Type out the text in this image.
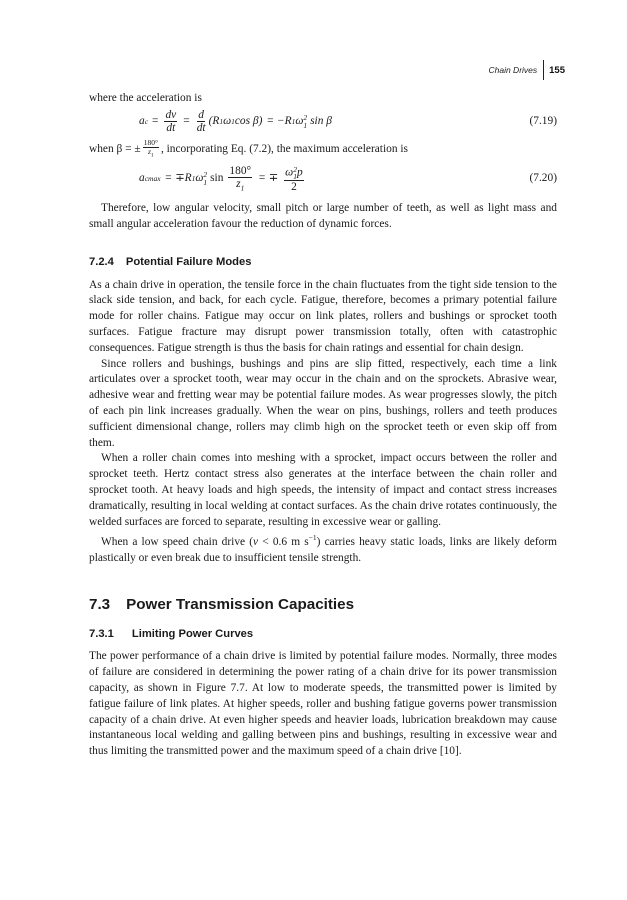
Chain Drives 155

where the acceleration is

a $c = \frac{dv}{dt} = \frac{d}{dt} (R$ 1 ω 1 cos β) = −R 1 ω 2
1 sin β	(7.19)

when β = ± $\frac{180^\circ}{z_1}$ , incorporating Eq. (7.2), the maximum acceleration is

a cmax = ∓R 1 ω 2
1 $\sin \frac{180^\circ}{z_1}$ = ∓ ω 2
1 p
2	(7.20)

Therefore, low angular velocity, small pitch or large number of teeth, as well as light mass and small angular acceleration favour the reduction of dynamic forces.

7.2.4 Potential Failure Modes

As a chain drive in operation, the tensile force in the chain fluctuates from the tight side tension to the slack side tension, and back, for each cycle. Fatigue, therefore, becomes a primary potential failure mode for roller chains. Fatigue may occur on link plates, rollers and bushings or sprocket tooth surfaces. Fatigue fracture may disrupt power transmission totally, often with catastrophic consequences. Fatigue strength is thus the basis for chain ratings and essential for chain design.

Since rollers and bushings, bushings and pins are slip fitted, respectively, each time a link articulates over a sprocket tooth, wear may occur in the chain and on the sprockets. Abrasive wear, adhesive wear and fretting wear may be potential failure modes. As wear progresses slowly, the pitch of each pin link increases gradually. When the wear on pins, bushings, rollers and teeth produces sufficient dimensional change, rollers may climb high on the sprocket teeth or even skip off from them.

When a roller chain comes into meshing with a sprocket, impact occurs between the roller and sprocket teeth. Hertz contact stress also generates at the interface between the chain roller and sprocket tooth. At heavy loads and high speeds, the intensity of impact and contact stress increases dramatically, resulting in local welding at contact surfaces. As the chain drive rotates continuously, the welded surfaces are forced to separate, resulting in excessive wear or galling.

When a low speed chain drive (v < 0.6 m $s^{-1}$) carries heavy static loads, links are likely deform plastically or even break due to insufficient tensile strength.

7.3 Power Transmission Capacities
7.3.1 Limiting Power Curves

The power performance of a chain drive is limited by potential failure modes. Normally, three modes of failure are considered in determining the power rating of a chain drive for its power transmission capacity, as shown in Figure 7.7. At low to moderate speeds, the transmitted power is limited by fatigue failure of link plates. At higher speeds, roller and bushing fatigue governs power transmission capacity of a chain drive. At even higher speeds and heavier loads, lubrication breakdown may cause instantaneous local welding and galling between pins and bushings, resulting in excessive wear and thus limiting the transmitted power and the maximum speed of a chain drive [10].
